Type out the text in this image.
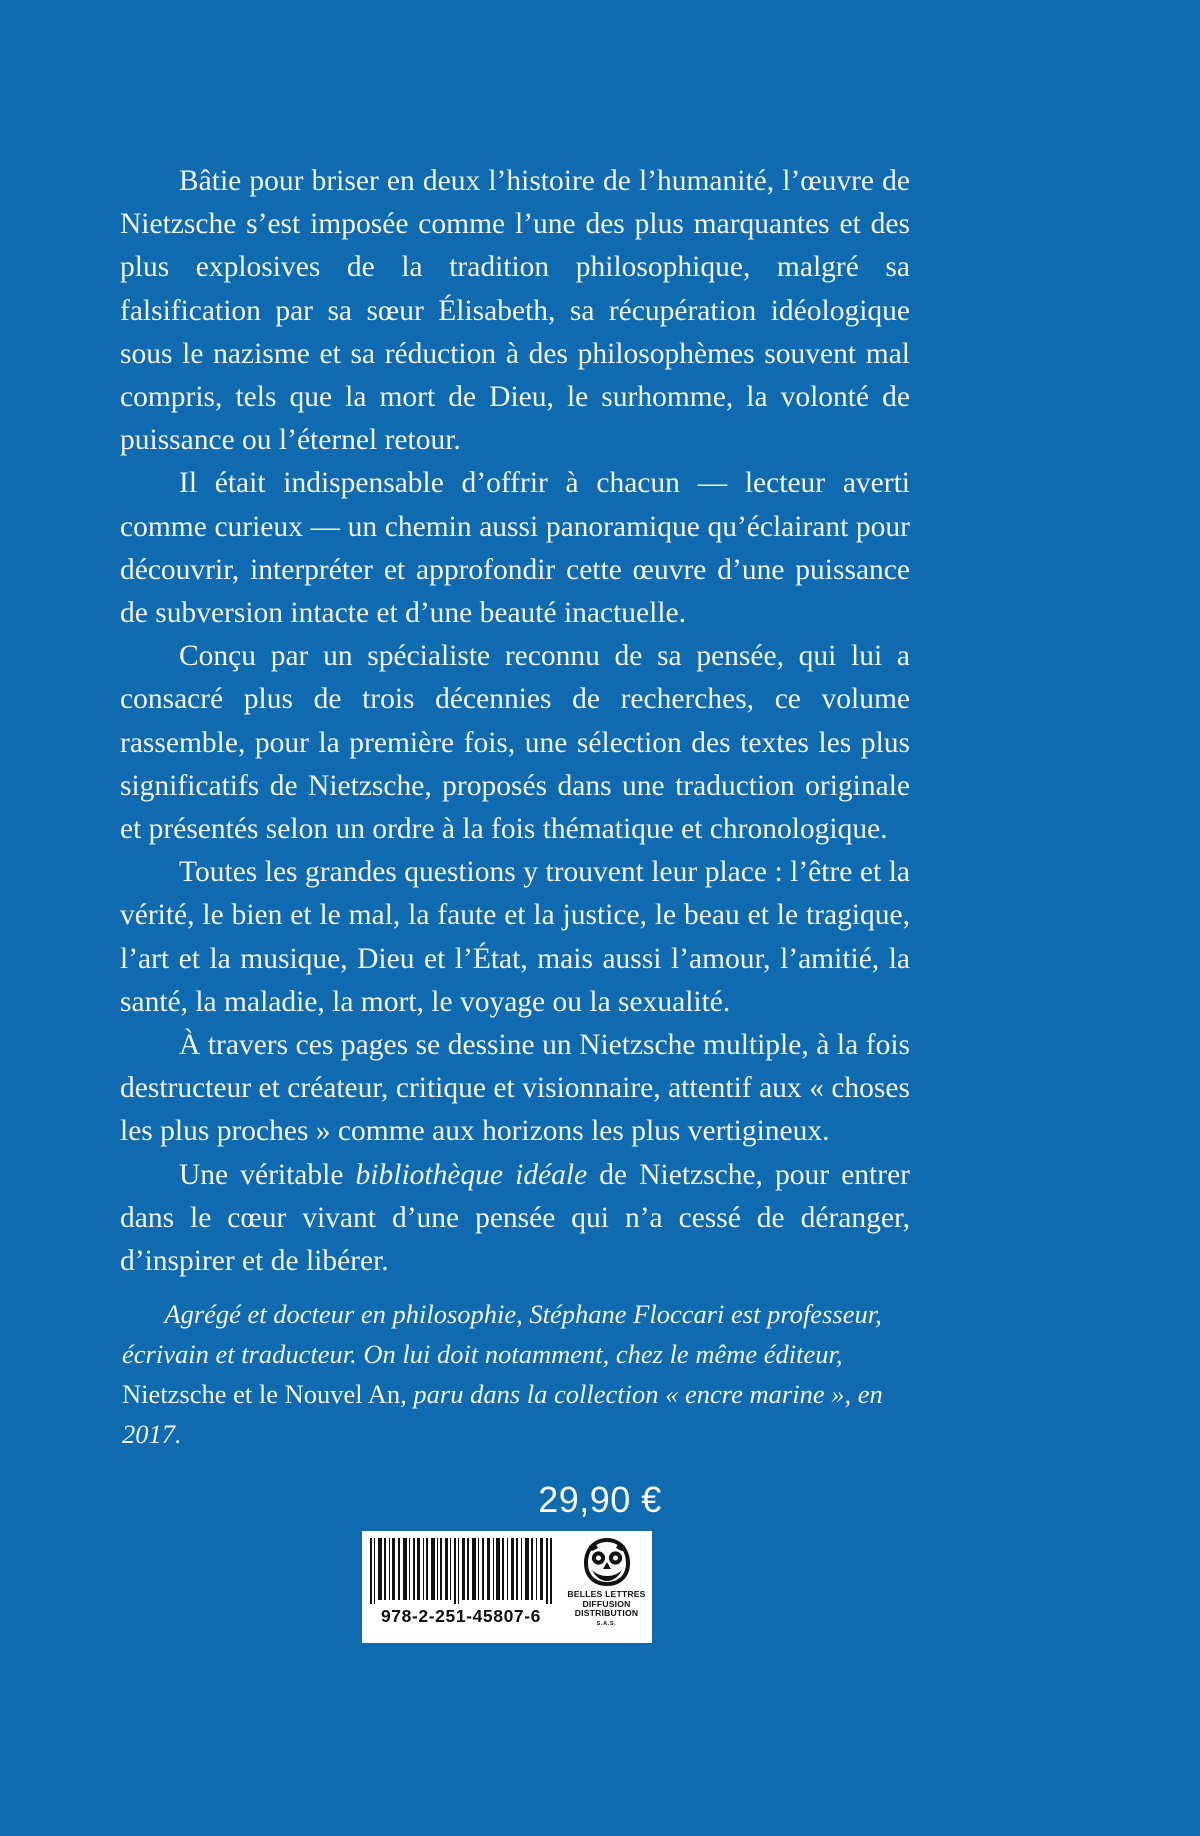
Bâtie pour briser en deux l’histoire de l’humanité, l’œuvre de Nietzsche s’est imposée comme l’une des plus marquantes et des plus explosives de la tradition philosophique, malgré sa falsification par sa sœur Élisabeth, sa récupération idéologique sous le nazisme et sa réduction à des philosophèmes souvent mal compris, tels que la mort de Dieu, le surhomme, la volonté de puissance ou l’éternel retour.

Il était indispensable d’offrir à chacun — lecteur averti comme curieux — un chemin aussi panoramique qu’éclairant pour découvrir, interpréter et approfondir cette œuvre d’une puissance de subversion intacte et d’une beauté inactuelle.

Conçu par un spécialiste reconnu de sa pensée, qui lui a consacré plus de trois décennies de recherches, ce volume rassemble, pour la première fois, une sélection des textes les plus significatifs de Nietzsche, proposés dans une traduction originale et présentés selon un ordre à la fois thématique et chronologique.

Toutes les grandes questions y trouvent leur place : l’être et la vérité, le bien et le mal, la faute et la justice, le beau et le tragique, l’art et la musique, Dieu et l’État, mais aussi l’amour, l’amitié, la santé, la maladie, la mort, le voyage ou la sexualité.

À travers ces pages se dessine un Nietzsche multiple, à la fois destructeur et créateur, critique et visionnaire, attentif aux « choses les plus proches » comme aux horizons les plus vertigineux.

Une véritable bibliothèque idéale de Nietzsche, pour entrer dans le cœur vivant d’une pensée qui n’a cessé de déranger, d’inspirer et de libérer.

Agrégé et docteur en philosophie, Stéphane Floccari est professeur, écrivain et traducteur. On lui doit notamment, chez le même éditeur, Nietzsche et le Nouvel An, paru dans la collection « encre marine », en 2017.

29,90 €
978-2-251-45807-6
BELLES LETTRES
DIFFUSION
DISTRIBUTION
S.A.S.
